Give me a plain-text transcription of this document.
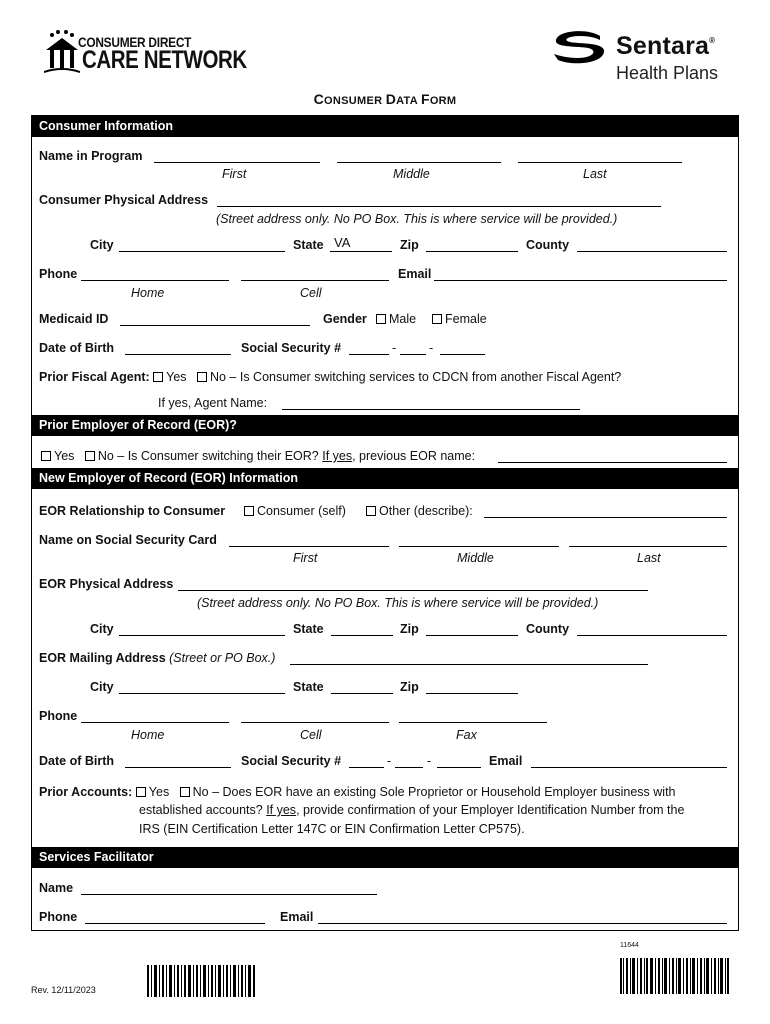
CONSUMER DIRECT
CARE NETWORK	Sentara®
Health Plans
CONSUMER DATA FORM
Consumer Information
Name in Program
First	Middle	Last
Consumer Physical Address
(Street address only. No PO Box. This is where service will be provided.)
City	State VA	Zip	County
Phone	Email
Home	Cell
Medicaid ID	Gender	Male	Female
Date of Birth	Social Security #	-	-
Prior Fiscal Agent: Yes No – Is Consumer switching services to CDCN from another Fiscal Agent?
If yes, Agent Name:
Prior Employer of Record (EOR)?
Yes No – Is Consumer switching their EOR? If yes, previous EOR name:
New Employer of Record (EOR) Information
EOR Relationship to Consumer	Consumer (self)	Other (describe):
Name on Social Security Card
First	Middle	Last
EOR Physical Address
(Street address only. No PO Box. This is where service will be provided.)
City	State	Zip	County
EOR Mailing Address (Street or PO Box.)
City	State	Zip
Phone
Home	Cell	Fax
Date of Birth	Social Security #	-	-	Email
Prior Accounts: Yes No – Does EOR have an existing Sole Proprietor or Household Employer business with
established accounts? If yes, provide confirmation of your Employer Identification Number from the
IRS (EIN Certification Letter 147C or EIN Confirmation Letter CP575).
Services Facilitator
Name
Phone	Email
11644
Rev. 12/11/2023
